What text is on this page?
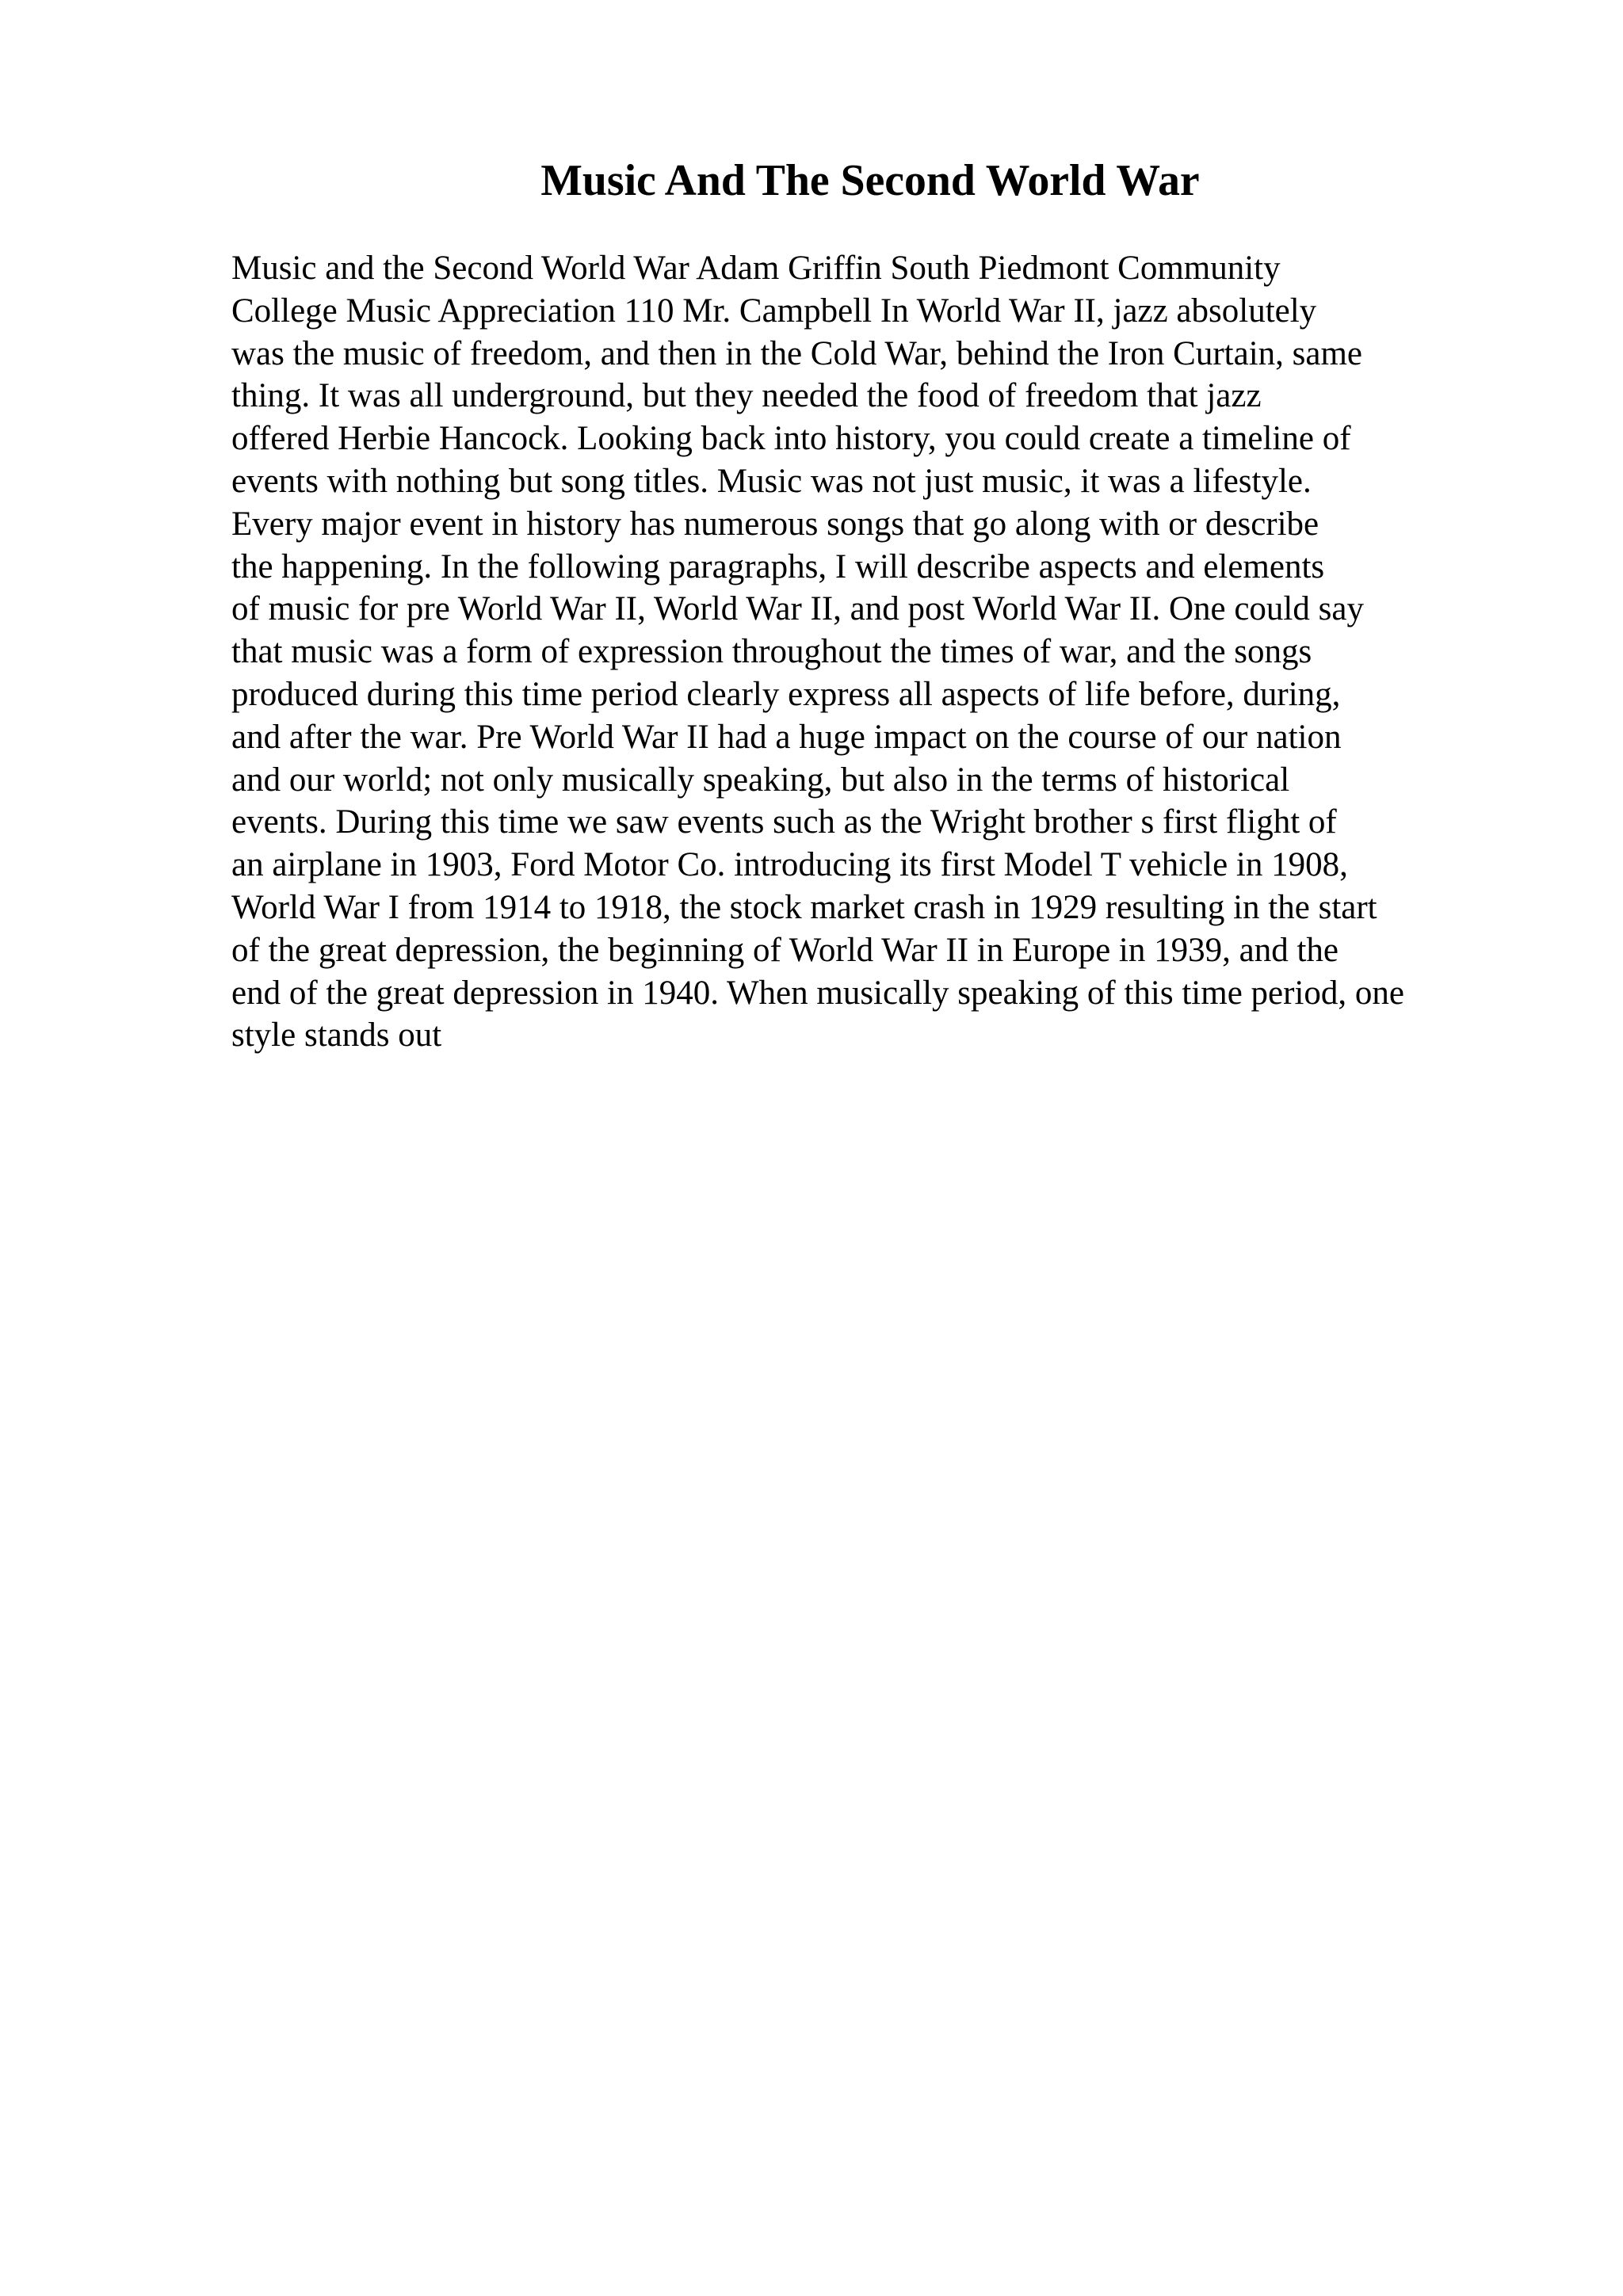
Music And The Second World War
Music and the Second World War Adam Griffin South Piedmont Community
College Music Appreciation 110 Mr. Campbell In World War II, jazz absolutely
was the music of freedom, and then in the Cold War, behind the Iron Curtain, same
thing. It was all underground, but they needed the food of freedom that jazz
offered Herbie Hancock. Looking back into history, you could create a timeline of
events with nothing but song titles. Music was not just music, it was a lifestyle.
Every major event in history has numerous songs that go along with or describe
the happening. In the following paragraphs, I will describe aspects and elements
of music for pre World War II, World War II, and post World War II. One could say
that music was a form of expression throughout the times of war, and the songs
produced during this time period clearly express all aspects of life before, during,
and after the war. Pre World War II had a huge impact on the course of our nation
and our world; not only musically speaking, but also in the terms of historical
events. During this time we saw events such as the Wright brother s first flight of
an airplane in 1903, Ford Motor Co. introducing its first Model T vehicle in 1908,
World War I from 1914 to 1918, the stock market crash in 1929 resulting in the start
of the great depression, the beginning of World War II in Europe in 1939, and the
end of the great depression in 1940. When musically speaking of this time period, one
style stands out
